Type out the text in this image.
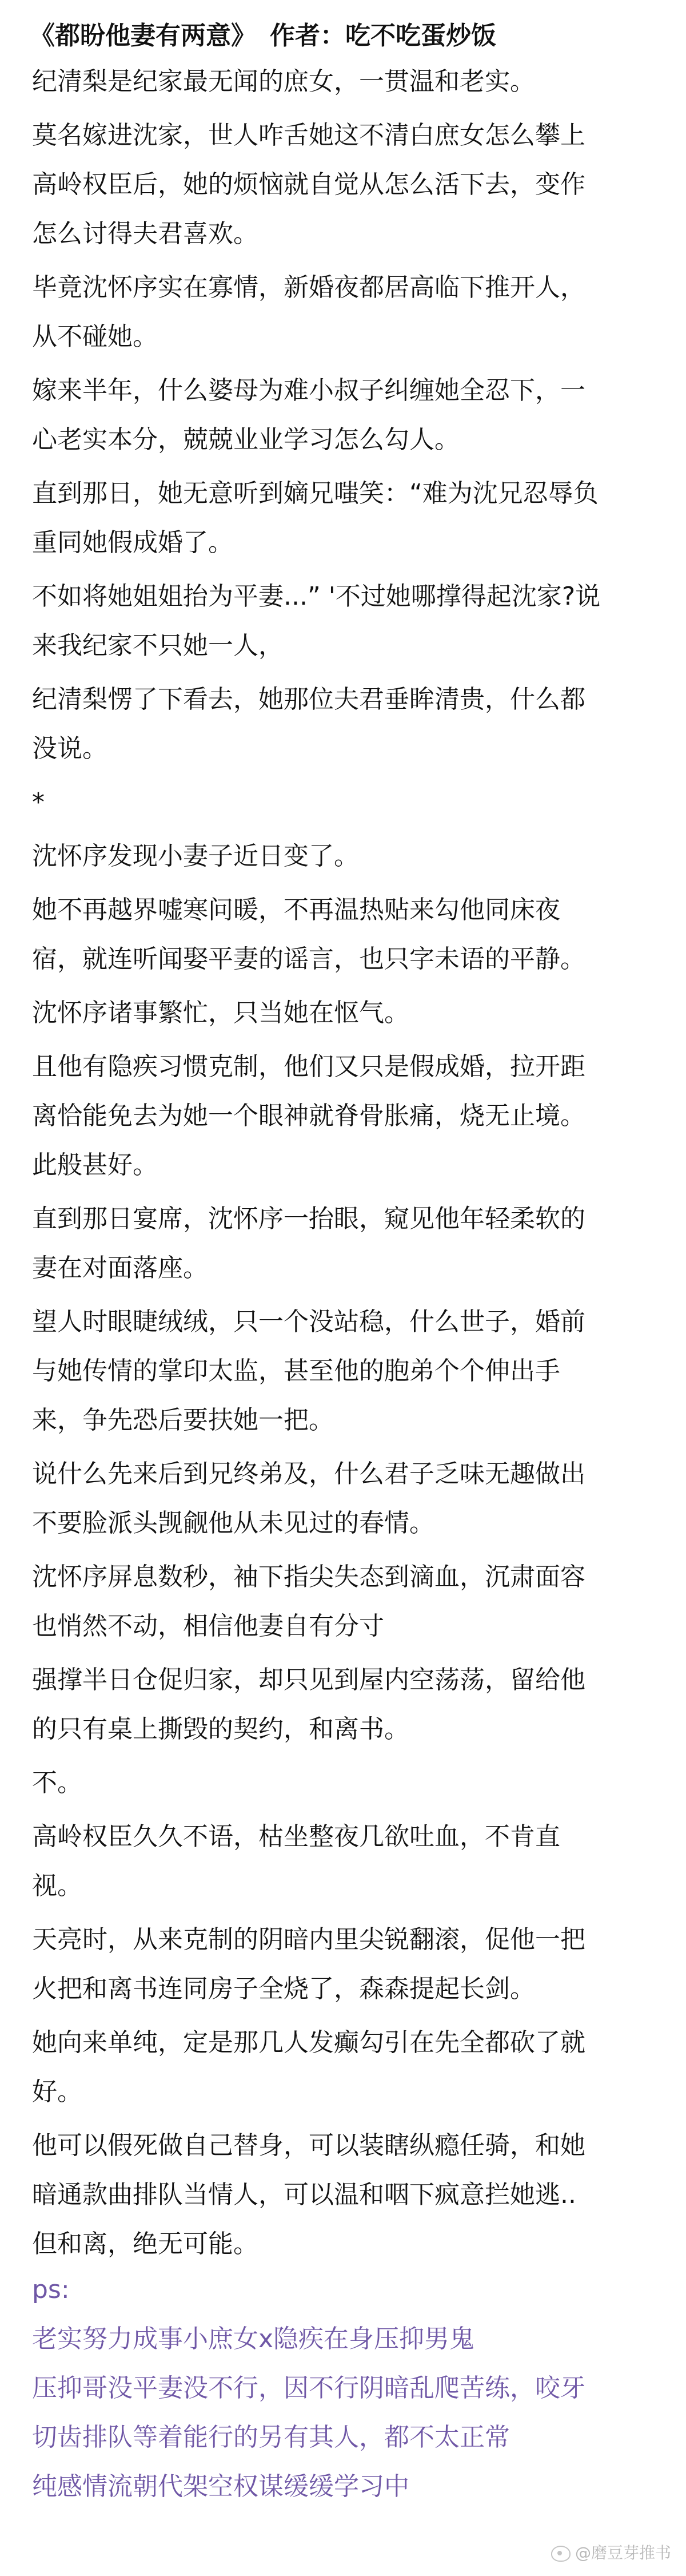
《都盼他妻有两意》 作者：吃不吃蛋炒饭

纪清梨是纪家最无闻的庶女，一贯温和老实。

莫名嫁进沈家，世人咋舌她这不清白庶女怎么攀上

高岭权臣后，她的烦恼就自觉从怎么活下去，变作

怎么讨得夫君喜欢。

毕竟沈怀序实在寡情，新婚夜都居高临下推开人，

从不碰她。

嫁来半年，什么婆母为难小叔子纠缠她全忍下，一

心老实本分，兢兢业业学习怎么勾人。

直到那日，她无意听到嫡兄嗤笑：“难为沈兄忍辱负

重同她假成婚了。

不如将她姐姐抬为平妻...” '不过她哪撑得起沈家?说

来我纪家不只她一人，

纪清梨愣了下看去，她那位夫君垂眸清贵，什么都

没说。

*

沈怀序发现小妻子近日变了。

她不再越界嘘寒问暖，不再温热贴来勾他同床夜

宿，就连听闻娶平妻的谣言，也只字未语的平静。

沈怀序诸事繁忙，只当她在怄气。

且他有隐疾习惯克制，他们又只是假成婚，拉开距

离恰能免去为她一个眼神就脊骨胀痛，烧无止境。

此般甚好。

直到那日宴席，沈怀序一抬眼，窥见他年轻柔软的

妻在对面落座。

望人时眼睫绒绒，只一个没站稳，什么世子，婚前

与她传情的掌印太监，甚至他的胞弟个个伸出手

来，争先恐后要扶她一把。

说什么先来后到兄终弟及，什么君子乏味无趣做出

不要脸派头觊觎他从未见过的春情。

沈怀序屏息数秒，袖下指尖失态到滴血，沉肃面容

也悄然不动，相信他妻自有分寸

强撑半日仓促归家，却只见到屋内空荡荡，留给他

的只有桌上撕毁的契约，和离书。

不。

高岭权臣久久不语，枯坐整夜几欲吐血，不肯直

视。

天亮时，从来克制的阴暗内里尖锐翻滚，促他一把

火把和离书连同房子全烧了，森森提起长剑。

她向来单纯，定是那几人发癫勾引在先全都砍了就

好。

他可以假死做自己替身，可以装瞎纵瘾任骑，和她

暗通款曲排队当情人，可以温和咽下疯意拦她逃..

但和离，绝无可能。

ps:

老实努力成事小庶女x隐疾在身压抑男鬼

压抑哥没平妻没不行，因不行阴暗乱爬苦练，咬牙

切齿排队等着能行的另有其人，都不太正常

纯感情流朝代架空权谋缓缓学习中

@磨豆芽推书
